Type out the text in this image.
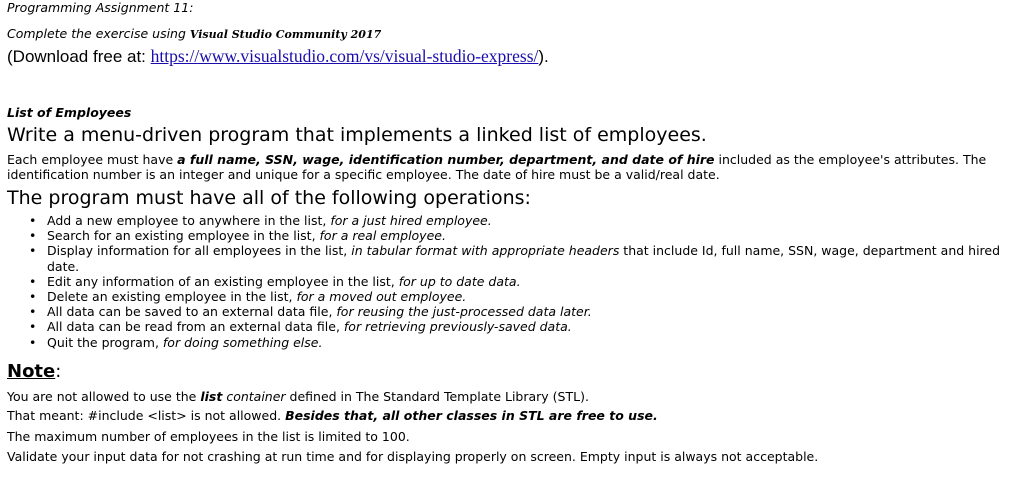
Programming Assignment 11:
Complete the exercise using Visual Studio Community 2017
(Download free at: https://www.visualstudio.com/vs/visual-studio-express/).
List of Employees
Write a menu-driven program that implements a linked list of employees.
Each employee must have a full name, SSN, wage, identification number, department, and date of hire included as the employee's attributes. The identification number is an integer and unique for a specific employee. The date of hire must be a valid/real date.
The program must have all of the following operations:
• Add a new employee to anywhere in the list, for a just hired employee.
• Search for an existing employee in the list, for a real employee.
• Display information for all employees in the list, in tabular format with appropriate headers that include Id, full name, SSN, wage, department and hired date.
• Edit any information of an existing employee in the list, for up to date data.
• Delete an existing employee in the list, for a moved out employee.
• All data can be saved to an external data file, for reusing the just-processed data later.
• All data can be read from an external data file, for retrieving previously-saved data.
• Quit the program, for doing something else.
Note:
You are not allowed to use the list container defined in The Standard Template Library (STL).
That meant: #include <list> is not allowed. Besides that, all other classes in STL are free to use.
The maximum number of employees in the list is limited to 100.
Validate your input data for not crashing at run time and for displaying properly on screen. Empty input is always not acceptable.
